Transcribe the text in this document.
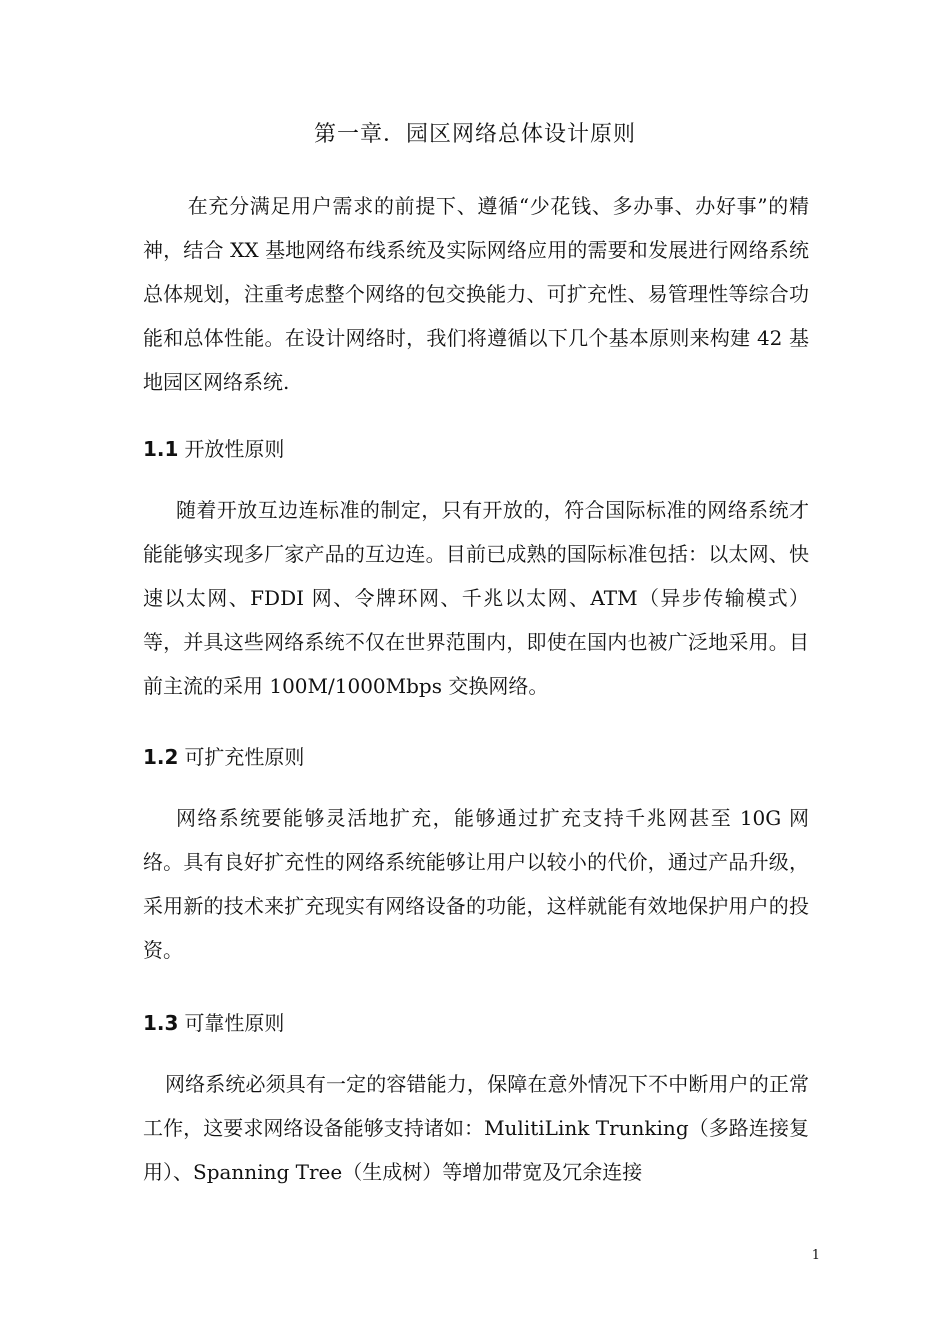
第一章．园区网络总体设计原则

　在充分满足用户需求的前提下、遵循“少花钱、多办事、办好事”的精神，结合 XX 基地网络布线系统及实际网络应用的需要和发展进行网络系统总体规划，注重考虑整个网络的包交换能力、可扩充性、易管理性等综合功能和总体性能。在设计网络时，我们将遵循以下几个基本原则来构建 42 基地园区网络系统.

1.1 开放性原则

随着开放互边连标准的制定，只有开放的，符合国际标准的网络系统才能能够实现多厂家产品的互边连。目前已成熟的国际标准包括：以太网、快速以太网、FDDI 网、令牌环网、千兆以太网、ATM（异步传输模式）等，并具这些网络系统不仅在世界范围内，即使在国内也被广泛地采用。目前主流的采用 100M/1000Mbps 交换网络。

1.2 可扩充性原则

网络系统要能够灵活地扩充，能够通过扩充支持千兆网甚至 10G 网络。具有良好扩充性的网络系统能够让用户以较小的代价，通过产品升级，采用新的技术来扩充现实有网络设备的功能，这样就能有效地保护用户的投资。

1.3 可靠性原则

网络系统必须具有一定的容错能力，保障在意外情况下不中断用户的正常工作，这要求网络设备能够支持诸如：MulitiLink Trunking（多路连接复用）、Spanning Tree（生成树）等增加带宽及冗余连接

1
